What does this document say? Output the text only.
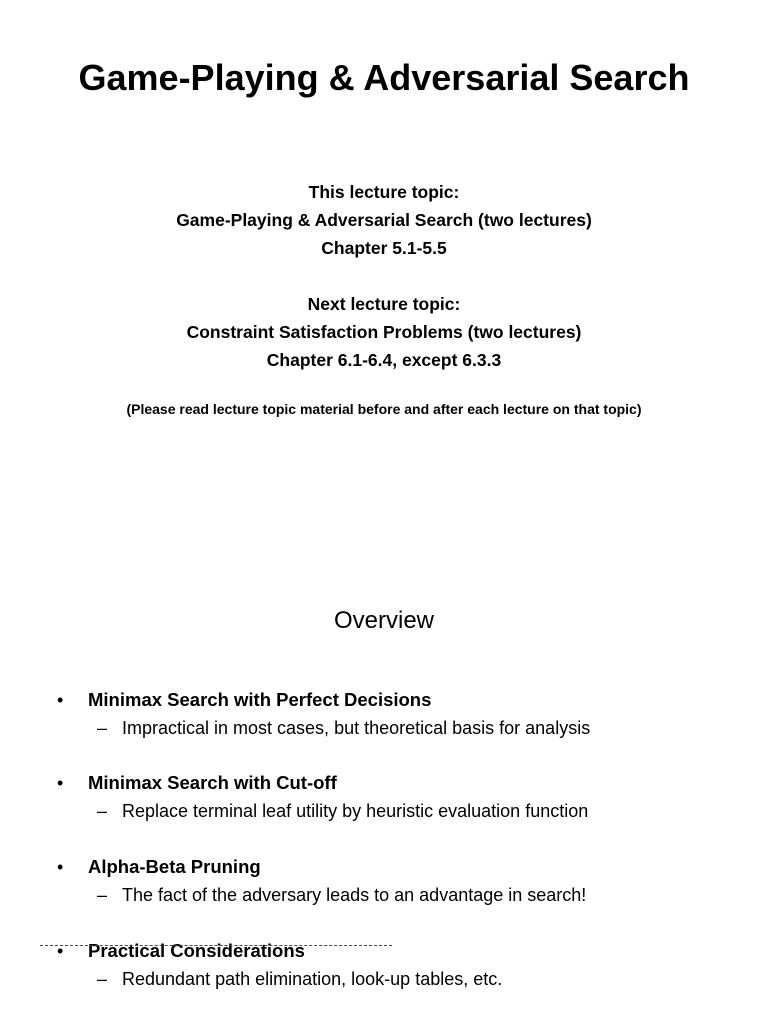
Game-Playing & Adversarial Search
This lecture topic:
Game-Playing & Adversarial Search (two lectures)
Chapter 5.1-5.5
Next lecture topic:
Constraint Satisfaction Problems (two lectures)
Chapter 6.1-6.4, except 6.3.3
(Please read lecture topic material before and after each lecture on that topic)
Overview
• Minimax Search with Perfect Decisions
– Impractical in most cases, but theoretical basis for analysis
• Minimax Search with Cut-off
– Replace terminal leaf utility by heuristic evaluation function
• Alpha-Beta Pruning
– The fact of the adversary leads to an advantage in search!
• Practical Considerations
– Redundant path elimination, look-up tables, etc.
